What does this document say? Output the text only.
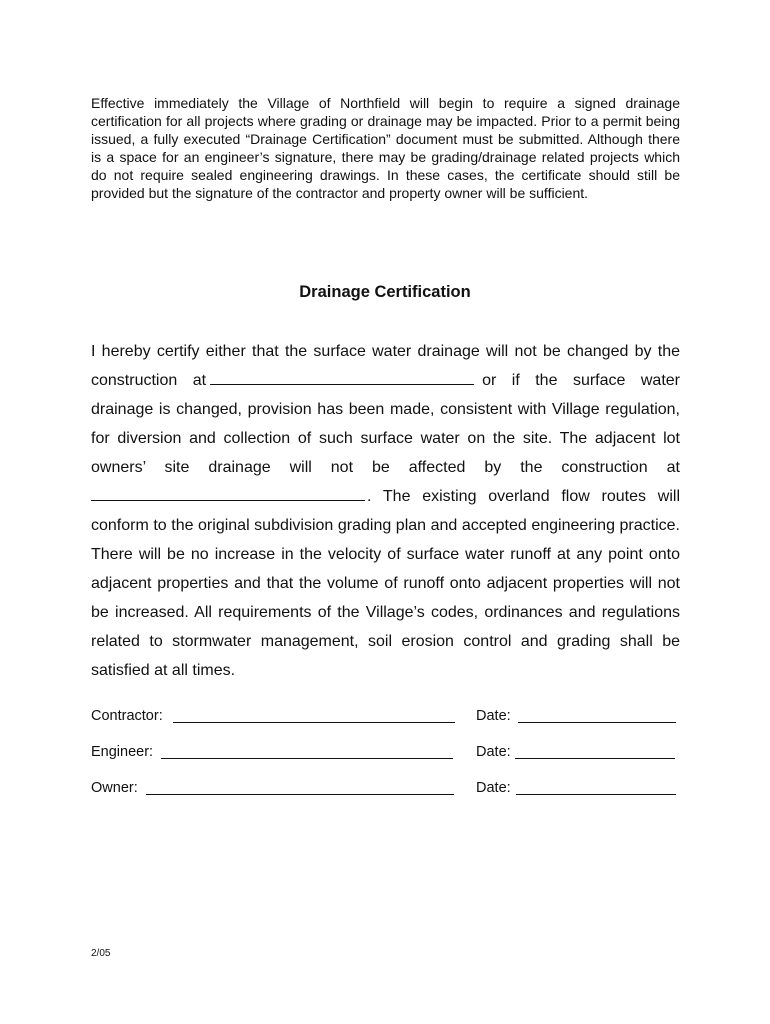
Effective immediately the Village of Northfield will begin to require a signed drainage certification for all projects where grading or drainage may be impacted. Prior to a permit being issued, a fully executed “Drainage Certification” document must be submitted. Although there is a space for an engineer’s signature, there may be grading/drainage related projects which do not require sealed engineering drawings. In these cases, the certificate should still be provided but the signature of the contractor and property owner will be sufficient.

Drainage Certification

I hereby certify either that the surface water drainage will not be changed by the construction at	or if the surface water drainage is changed, provision has been made, consistent with Village regulation, for diversion and collection of such surface water on the site. The adjacent lot owners’ site drainage will not be affected by the construction at . The existing overland flow routes will conform to the original subdivision grading plan and accepted engineering practice. There will be no increase in the velocity of surface water runoff at any point onto adjacent properties and that the volume of runoff onto adjacent properties will not be increased. All requirements of the Village’s codes, ordinances and regulations related to stormwater management, soil erosion control and grading shall be satisfied at all times.

Contractor:	Date:
Engineer:	Date:
Owner:	Date:
2/05
